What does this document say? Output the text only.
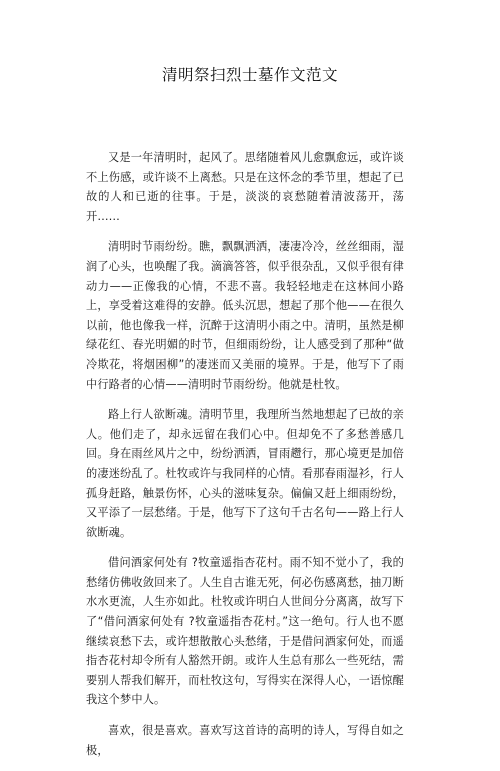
清明祭扫烈士墓作文范文

又是一年清明时，起风了。思绪随着风儿愈飘愈远，或许谈不上伤感，或许谈不上离愁。只是在这怀念的季节里，想起了已故的人和已逝的往事。于是，淡淡的哀愁随着清波荡开，荡开……

清明时节雨纷纷。瞧，飘飘洒洒，凄凄冷冷，丝丝细雨，湿润了心头，也唤醒了我。滴滴答答，似乎很杂乱，又似乎很有律动力——正像我的心情，不悲不喜。我轻轻地走在这林间小路上，享受着这难得的安静。低头沉思，想起了那个他——在很久以前，他也像我一样，沉醉于这清明小雨之中。清明，虽然是柳绿花红、春光明媚的时节，但细雨纷纷，让人感受到了那种“做冷欺花，将烟困柳”的凄迷而又美丽的境界。于是，他写下了雨中行路者的心情——清明时节雨纷纷。他就是杜牧。

路上行人欲断魂。清明节里，我理所当然地想起了已故的亲人。他们走了，却永远留在我们心中。但却免不了多愁善感几回。身在雨丝风片之中，纷纷洒洒，冒雨趱行，那心境更是加倍的凄迷纷乱了。杜牧或许与我同样的心情。看那春雨湿衫，行人孤身赶路，触景伤怀，心头的滋味复杂。偏偏又赶上细雨纷纷，又平添了一层愁绪。于是，他写下了这句千古名句——路上行人欲断魂。

借问酒家何处有 ?牧童遥指杏花村。雨不知不觉小了，我的愁绪仿佛收敛回来了。人生自古谁无死，何必伤感离愁，抽刀断水水更流，人生亦如此。杜牧或许明白人世间分分离离，故写下了“借问酒家何处有 ?牧童遥指杏花村。”这一绝句。行人也不愿继续哀愁下去，或许想散散心头愁绪，于是借问酒家何处，而遥指杏花村却令所有人豁然开朗。或许人生总有那么一些死结，需要别人帮我们解开，而杜牧这句，写得实在深得人心，一语惊醒我这个梦中人。

喜欢，很是喜欢。喜欢写这首诗的高明的诗人，写得自如之极，
